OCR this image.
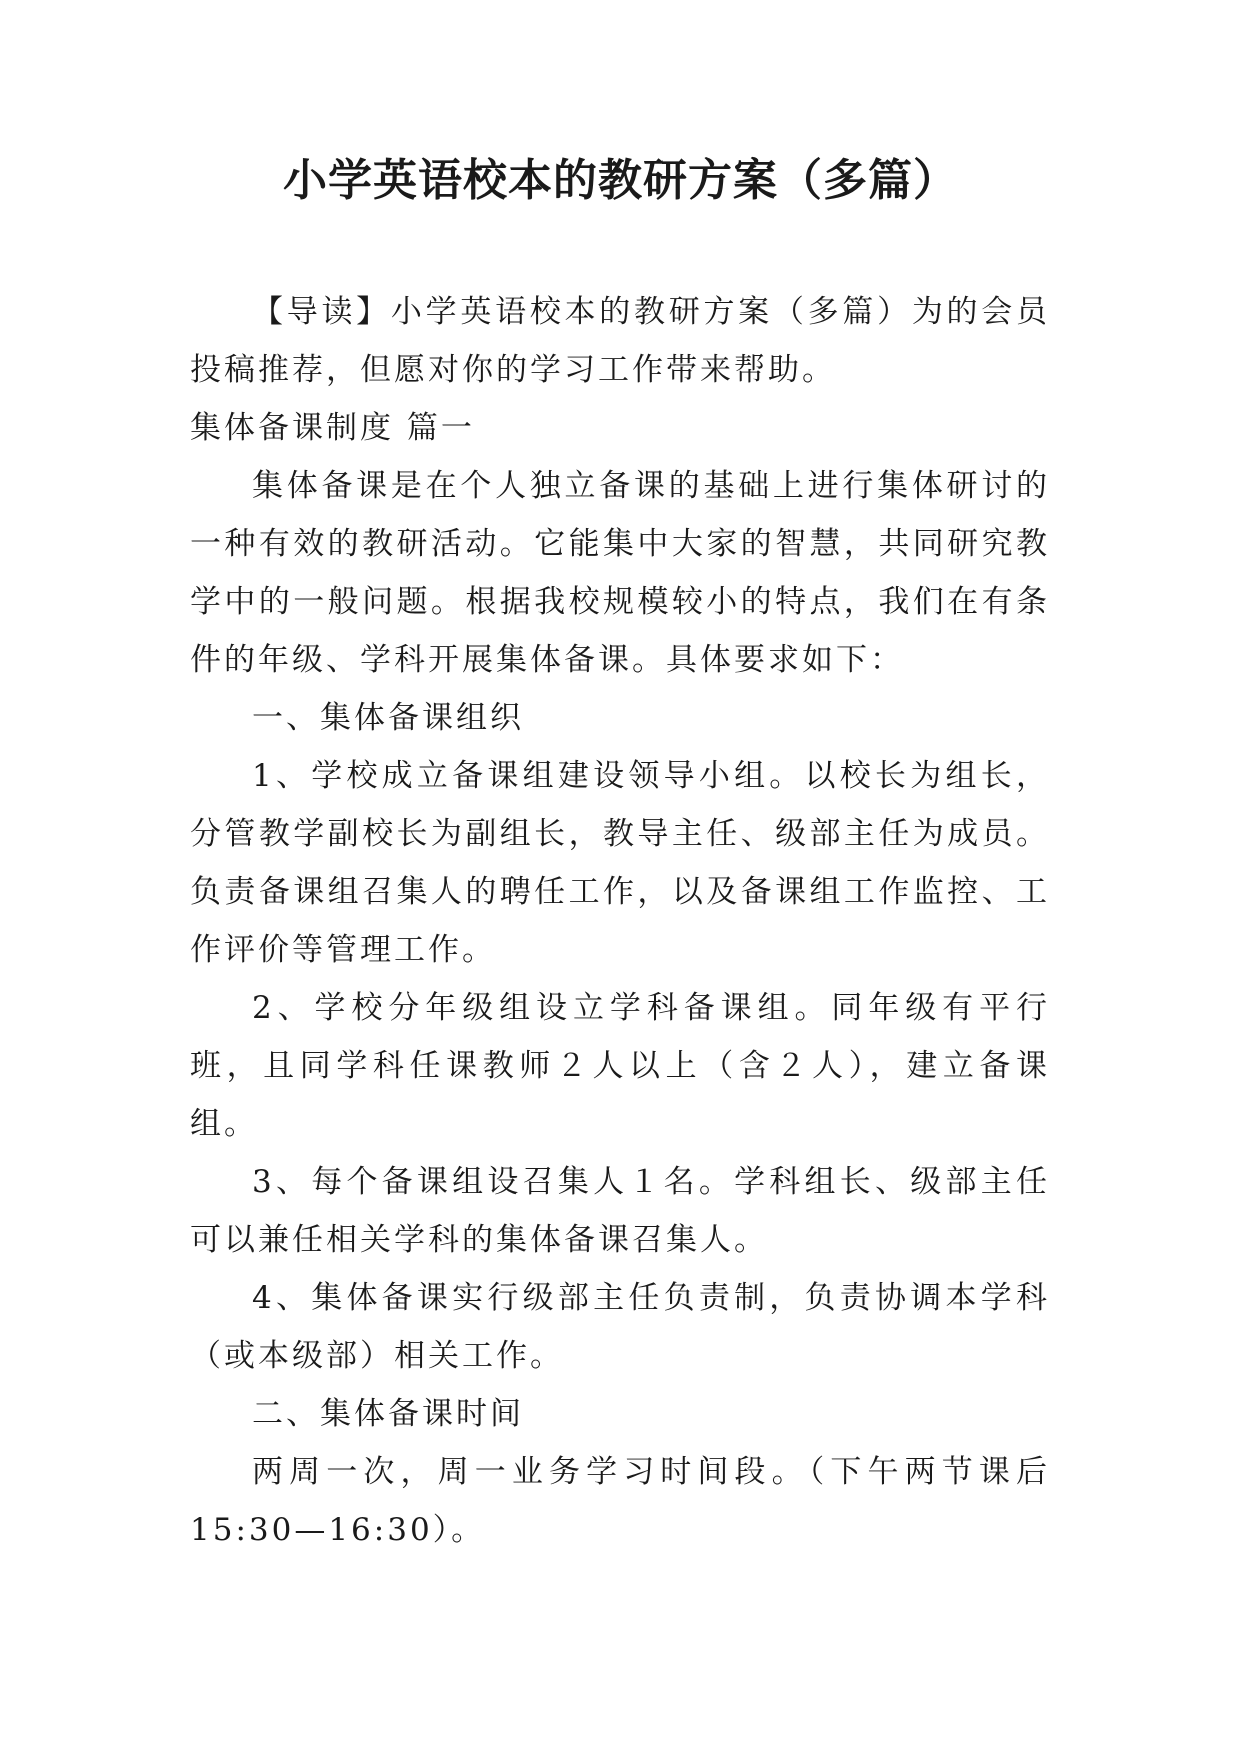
小学英语校本的教研方案（多篇）

【导读】小学英语校本的教研方案（多篇）为的会员投稿推荐，但愿对你的学习工作带来帮助。

集体备课制度 篇一

集体备课是在个人独立备课的基础上进行集体研讨的一种有效的教研活动。它能集中大家的智慧，共同研究教学中的一般问题。根据我校规模较小的特点，我们在有条件的年级、学科开展集体备课。具体要求如下：

一、集体备课组织

1、学校成立备课组建设领导小组。以校长为组长，分管教学副校长为副组长，教导主任、级部主任为成员。负责备课组召集人的聘任工作，以及备课组工作监控、工作评价等管理工作。

2、学校分年级组设立学科备课组。同年级有平行班，且同学科任课教师２人以上（含２人），建立备课组。

3、每个备课组设召集人１名。学科组长、级部主任可以兼任相关学科的集体备课召集人。

4、集体备课实行级部主任负责制，负责协调本学科（或本级部）相关工作。

二、集体备课时间

两周一次，周一业务学习时间段。（下午两节课后15:30—16:30）。
